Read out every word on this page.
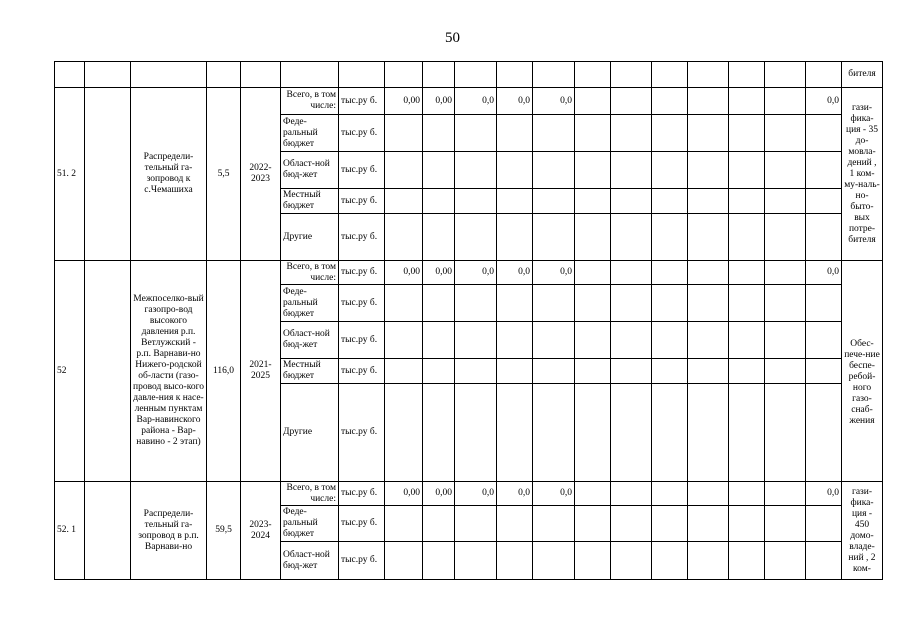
50
																			бителя
51. 2		Распредели-тельный га-зопровод к с.Чемашиха	5,5	2022-2023	Всего, в том числе:	тыс.ру б.	0,00	0,00	0,0	0,0	0,0							0,0	гази-фика-ция - 35 до-мовла-дений , 1 ком-му-наль-но-быто-вых потре-бителя
					Феде-ральный бюджет	тыс.ру б.													
					Област-ной бюд-жет	тыс.ру б.													
					Местный бюджет	тыс.ру б.													
					Другие	тыс.ру б.													
52		Межпоселко-вый газопро-вод высокого давления р.п. Ветлужский - р.п. Варнави-но Нижего-родской об-ласти (газо-провод высо-кого давле-ния к насе-ленным пунктам Вар-навинского района - Вар-навино - 2 этап)	116,0	2021-2025	Всего, в том числе:	тыс.ру б.	0,00	0,00	0,0	0,0	0,0							0,0	
					Феде-ральный бюджет	тыс.ру б.													Обес-пече-ние беспе-ребой-ного газо-снаб-жения
					Област-ной бюд-жет	тыс.ру б.													
					Местный бюджет	тыс.ру б.													
					Другие	тыс.ру б.													
52. 1		Распредели-тельный га-зопровод в р.п. Варнави-но	59,5	2023-2024	Всего, в том числе:	тыс.ру б.	0,00	0,00	0,0	0,0	0,0							0,0	гази-фика-ция - 450 домо-владе-ний , 2 ком-
					Феде-ральный бюджет	тыс.ру б.													
					Област-ной бюд-жет	тыс.ру б.													
